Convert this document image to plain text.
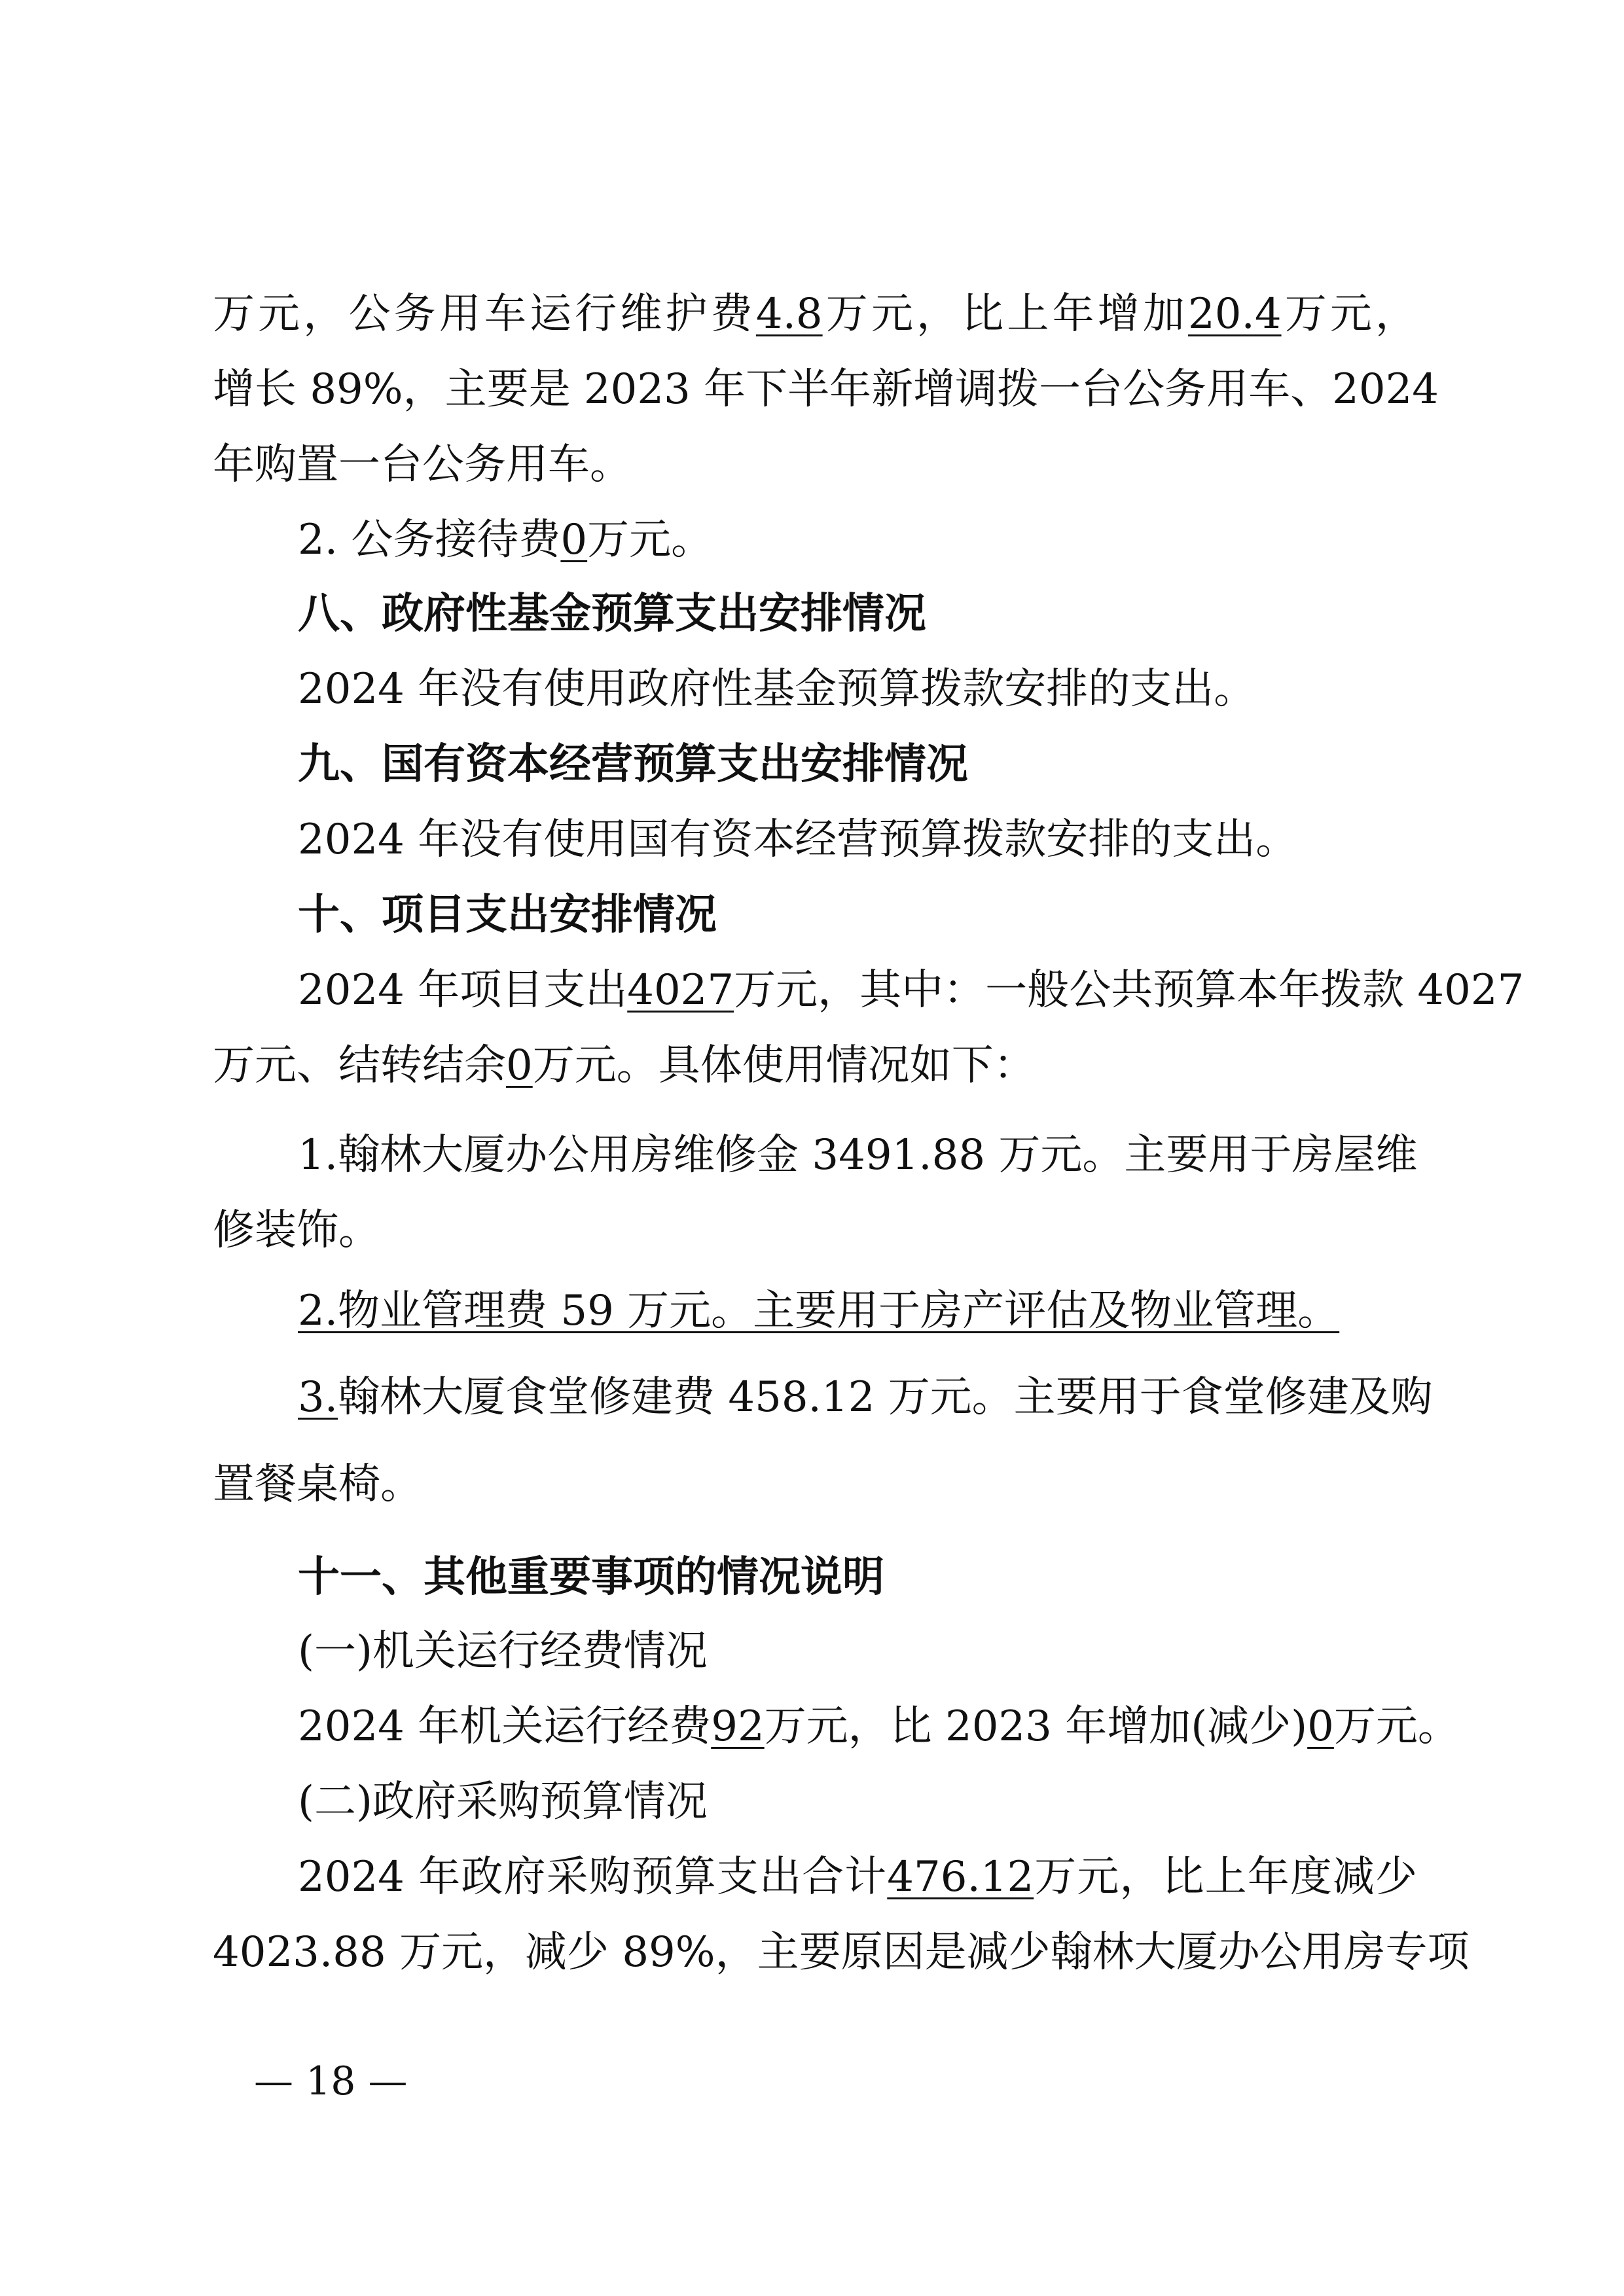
万元，公务用车运行维护费4.8万元，比上年增加20.4万元，
增长 89%，主要是 2023 年下半年新增调拨一台公务用车、2024
年购置一台公务用车。
2. 公务接待费0万元。
八、政府性基金预算支出安排情况
2024 年没有使用政府性基金预算拨款安排的支出。
九、国有资本经营预算支出安排情况
2024 年没有使用国有资本经营预算拨款安排的支出。
十、项目支出安排情况
2024 年项目支出4027万元，其中：一般公共预算本年拨款 4027
万元、结转结余0万元。具体使用情况如下：
1.翰林大厦办公用房维修金 3491.88 万元。主要用于房屋维
修装饰。
2.物业管理费 59 万元。主要用于房产评估及物业管理。
3.翰林大厦食堂修建费 458.12 万元。主要用于食堂修建及购
置餐桌椅。
十一、其他重要事项的情况说明
(一)机关运行经费情况
2024 年机关运行经费92万元，比 2023 年增加(减少)0万元。
(二)政府采购预算情况
2024 年政府采购预算支出合计476.12万元，比上年度减少
4023.88 万元，减少 89%，主要原因是减少翰林大厦办公用房专项
— 18 —
